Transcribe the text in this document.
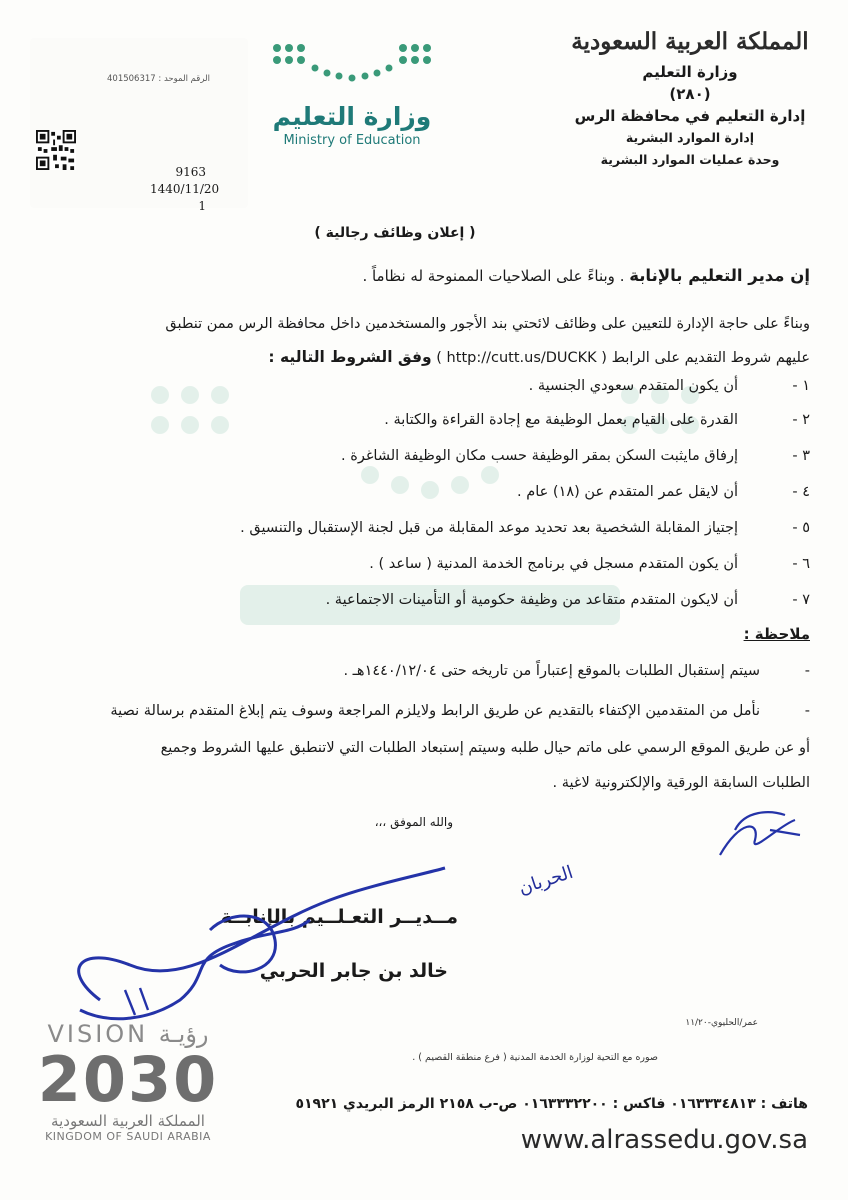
الرقم الموحد : 401506317
9163
1440/11/20
1
وزارة التعليم
Ministry of Education
المملكة العربية السعودية
وزارة التعليم
(٢٨٠)
إدارة التعليم في محافظة الرس
إدارة الموارد البشرية
وحدة عمليات الموارد البشرية
( إعلان وظائف رجالية )
إن مدير التعليم بالإنابة . وبناءً على الصلاحيات الممنوحة له نظاماً .
وبناءً على حاجة الإدارة للتعيين على وظائف لائحتي بند الأجور والمستخدمين داخل محافظة الرس ممن تنطبق
عليهم شروط التقديم على الرابط ( http://cutt.us/DUCKK ) وفق الشروط التاليه :
١ -
أن يكون المتقدم سعودي الجنسية .
٢ -
القدرة على القيام بعمل الوظيفة مع إجادة القراءة والكتابة .
٣ -
إرفاق مايثبت السكن بمقر الوظيفة حسب مكان الوظيفة الشاغرة .
٤ -
أن لايقل عمر المتقدم عن (١٨) عام .
٥ -
إجتياز المقابلة الشخصية بعد تحديد موعد المقابلة من قبل لجنة الإستقبال والتنسيق .
٦ -
أن يكون المتقدم مسجل في برنامج الخدمة المدنية ( ساعد ) .
٧ -
أن لايكون المتقدم متقاعد من وظيفة حكومية أو التأمينات الاجتماعية .
ملاحظة :
-
سيتم إستقبال الطلبات بالموقع إعتباراً من تاريخه حتى ١٤٤٠/١٢/٠٤هـ .
-
نأمل من المتقدمين الإكتفاء بالتقديم عن طريق الرابط ولايلزم المراجعة وسوف يتم إبلاغ المتقدم برسالة نصية
أو عن طريق الموقع الرسمي على ماتم حيال طلبه وسيتم إستبعاد الطلبات التي لاتنطبق عليها الشروط وجميع
الطلبات السابقة الورقية والإلكترونية لاغية .
والله الموفق ،،،
الحربان
مــديــر التعـلــيم بالإنابــة
خالد بن جابر الحربي
عمر/الحليوي-١١/٢٠
صوره مع التحية لوزارة الخدمة المدنية ( فرع منطقة القصيم ) .
VISION رؤيـة
2030
المملكة العربية السعودية
KINGDOM OF SAUDI ARABIA
هاتف : ٠١٦٣٣٣٤٨١٣ فاكس : ٠١٦٣٣٣٢٢٠٠ ص-ب ٢١٥٨ الرمز البريدي ٥١٩٢١
www.alrassedu.gov.sa
